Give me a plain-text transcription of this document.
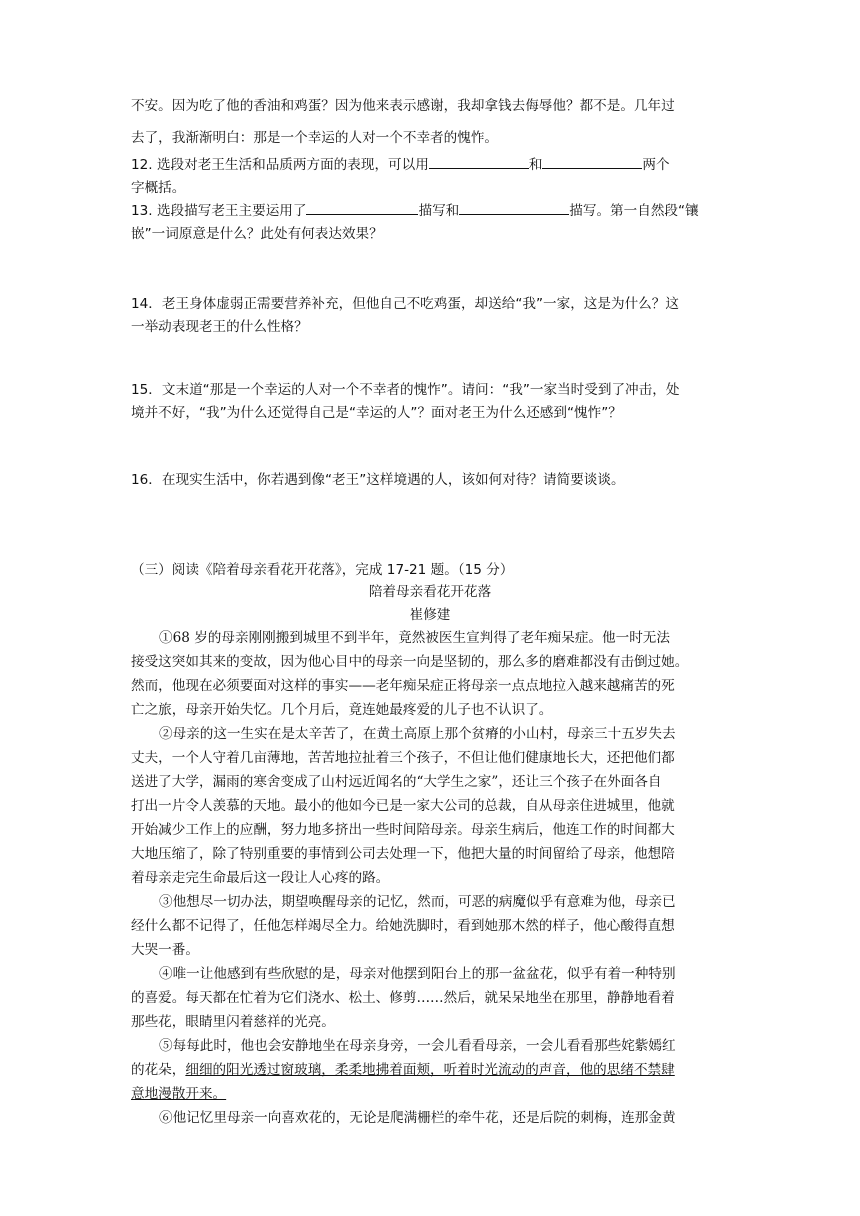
不安。因为吃了他的香油和鸡蛋？因为他来表示感谢，我却拿钱去侮辱他？都不是。几年过
去了，我渐渐明白：那是一个幸运的人对一个不幸者的愧怍。
12. 选段对老王生活和品质两方面的表现，可以用	和	两个
字概括。
13. 选段描写老王主要运用了	描写和	描写。第一自然段“镶
嵌”一词原意是什么？此处有何表达效果？
14．老王身体虚弱正需要营养补充，但他自己不吃鸡蛋，却送给“我”一家，这是为什么？这
一举动表现老王的什么性格？
15．文末道“那是一个幸运的人对一个不幸者的愧怍”。请问：“我”一家当时受到了冲击，处
境并不好，“我”为什么还觉得自己是“幸运的人”？面对老王为什么还感到“愧怍”？
16．在现实生活中，你若遇到像“老王”这样境遇的人，该如何对待？请简要谈谈。
（三）阅读《陪着母亲看花开花落》，完成 17-21 题。（15 分）
陪着母亲看花开花落
崔修建
①68 岁的母亲刚刚搬到城里不到半年，竟然被医生宣判得了老年痴呆症。他一时无法
接受这突如其来的变故，因为他心目中的母亲一向是坚韧的，那么多的磨难都没有击倒过她。
然而，他现在必须要面对这样的事实——老年痴呆症正将母亲一点点地拉入越来越痛苦的死
亡之旅，母亲开始失忆。几个月后，竟连她最疼爱的儿子也不认识了。
②母亲的这一生实在是太辛苦了，在黄土高原上那个贫瘠的小山村，母亲三十五岁失去
丈夫，一个人守着几亩薄地，苦苦地拉扯着三个孩子，不但让他们健康地长大，还把他们都
送进了大学，漏雨的寒舍变成了山村远近闻名的“大学生之家”，还让三个孩子在外面各自
打出一片令人羡慕的天地。最小的他如今已是一家大公司的总裁，自从母亲住进城里，他就
开始减少工作上的应酬，努力地多挤出一些时间陪母亲。母亲生病后，他连工作的时间都大
大地压缩了，除了特别重要的事情到公司去处理一下，他把大量的时间留给了母亲，他想陪
着母亲走完生命最后这一段让人心疼的路。
③他想尽一切办法，期望唤醒母亲的记忆，然而，可恶的病魔似乎有意难为他，母亲已
经什么都不记得了，任他怎样竭尽全力。给她洗脚时，看到她那木然的样子，他心酸得直想
大哭一番。
④唯一让他感到有些欣慰的是，母亲对他摆到阳台上的那一盆盆花，似乎有着一种特别
的喜爱。每天都在忙着为它们浇水、松土、修剪……然后，就呆呆地坐在那里，静静地看着
那些花，眼睛里闪着慈祥的光亮。
⑤每每此时，他也会安静地坐在母亲身旁，一会儿看看母亲，一会儿看看那些姹紫嫣红
的花朵，细细的阳光透过窗玻璃，柔柔地拂着面颊，听着时光流动的声音，他的思绪不禁肆
意地漫散开来。
⑥他记忆里母亲一向喜欢花的，无论是爬满栅栏的牵牛花，还是后院的刺梅，连那金黄
